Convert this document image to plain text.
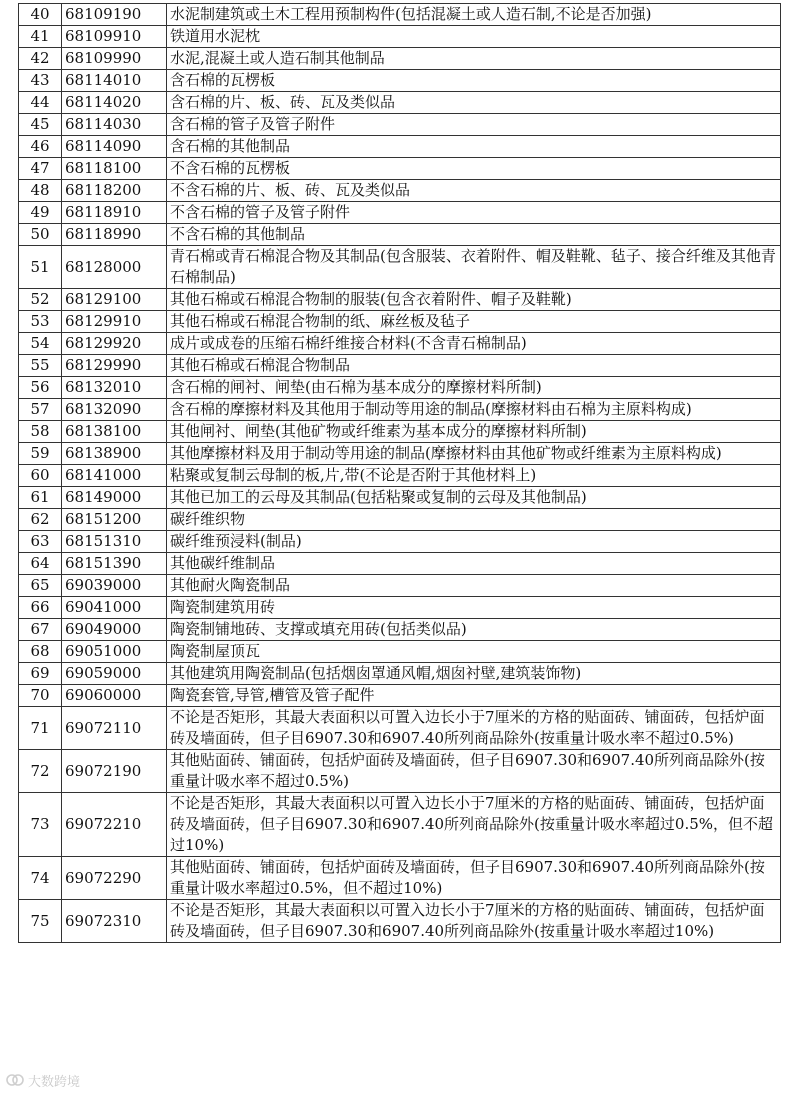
40	68109190	水泥制建筑或土木工程用预制构件(包括混凝土或人造石制,不论是否加强)
41	68109910	铁道用水泥枕
42	68109990	水泥,混凝土或人造石制其他制品
43	68114010	含石棉的瓦楞板
44	68114020	含石棉的片、板、砖、瓦及类似品
45	68114030	含石棉的管子及管子附件
46	68114090	含石棉的其他制品
47	68118100	不含石棉的瓦楞板
48	68118200	不含石棉的片、板、砖、瓦及类似品
49	68118910	不含石棉的管子及管子附件
50	68118990	不含石棉的其他制品
51	68128000	青石棉或青石棉混合物及其制品(包含服装、衣着附件、帽及鞋靴、毡子、接合纤维及其他青石棉制品)
52	68129100	其他石棉或石棉混合物制的服装(包含衣着附件、帽子及鞋靴)
53	68129910	其他石棉或石棉混合物制的纸、麻丝板及毡子
54	68129920	成片或成卷的压缩石棉纤维接合材料(不含青石棉制品)
55	68129990	其他石棉或石棉混合物制品
56	68132010	含石棉的闸衬、闸垫(由石棉为基本成分的摩擦材料所制)
57	68132090	含石棉的摩擦材料及其他用于制动等用途的制品(摩擦材料由石棉为主原料构成)
58	68138100	其他闸衬、闸垫(其他矿物或纤维素为基本成分的摩擦材料所制)
59	68138900	其他摩擦材料及用于制动等用途的制品(摩擦材料由其他矿物或纤维素为主原料构成)
60	68141000	粘聚或复制云母制的板,片,带(不论是否附于其他材料上)
61	68149000	其他已加工的云母及其制品(包括粘聚或复制的云母及其他制品)
62	68151200	碳纤维织物
63	68151310	碳纤维预浸料(制品)
64	68151390	其他碳纤维制品
65	69039000	其他耐火陶瓷制品
66	69041000	陶瓷制建筑用砖
67	69049000	陶瓷制铺地砖、支撑或填充用砖(包括类似品)
68	69051000	陶瓷制屋顶瓦
69	69059000	其他建筑用陶瓷制品(包括烟囱罩通风帽,烟囱衬壁,建筑装饰物)
70	69060000	陶瓷套管,导管,槽管及管子配件
71	69072110	不论是否矩形，其最大表面积以可置入边长小于7厘米的方格的贴面砖、铺面砖，包括炉面砖及墙面砖，但子目6907.30和6907.40所列商品除外(按重量计吸水率不超过0.5%)
72	69072190	其他贴面砖、铺面砖，包括炉面砖及墙面砖，但子目6907.30和6907.40所列商品除外(按重量计吸水率不超过0.5%)
73	69072210	不论是否矩形，其最大表面积以可置入边长小于7厘米的方格的贴面砖、铺面砖，包括炉面砖及墙面砖，但子目6907.30和6907.40所列商品除外(按重量计吸水率超过0.5%，但不超过10%)
74	69072290	其他贴面砖、铺面砖，包括炉面砖及墙面砖，但子目6907.30和6907.40所列商品除外(按重量计吸水率超过0.5%，但不超过10%)
75	69072310	不论是否矩形，其最大表面积以可置入边长小于7厘米的方格的贴面砖、铺面砖，包括炉面砖及墙面砖，但子目6907.30和6907.40所列商品除外(按重量计吸水率超过10%)
大数跨境
